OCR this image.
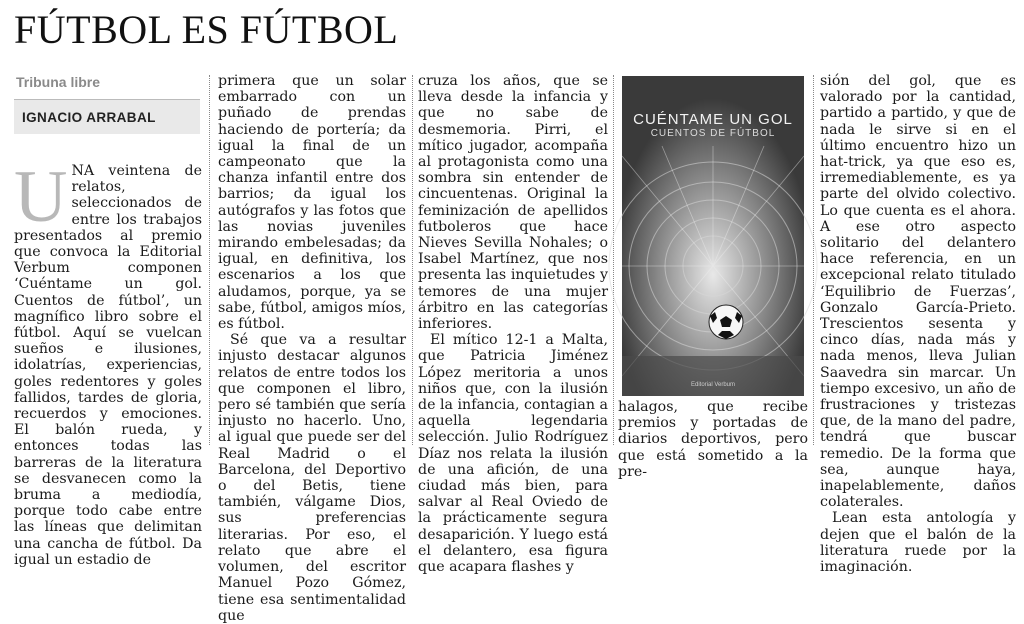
FÚTBOL ES FÚTBOL
Tribuna libre
IGNACIO ARRABAL
U NA veintena de relatos, seleccionados de entre los trabajos presentados al premio que convoca la Editorial Verbum componen ‘Cuéntame un gol. Cuentos de fútbol’, un magnífico libro sobre el fútbol. Aquí se vuelcan sueños e ilusiones, idolatrías, experiencias, goles redentores y goles fallidos, tardes de gloria, recuerdos y emociones. El balón rueda, y entonces todas las barreras de la literatura se desvanecen como la bruma a mediodía, porque todo cabe entre las líneas que delimitan una cancha de fútbol. Da igual un estadio de

primera que un solar embarrado con un puñado de prendas haciendo de portería; da igual la final de un campeonato que la chanza infantil entre dos barrios; da igual los autógrafos y las fotos que las novias juveniles mirando embelesadas; da igual, en definitiva, los escenarios a los que aludamos, porque, ya se sabe, fútbol, amigos míos, es fútbol.

Sé que va a resultar injusto destacar algunos relatos de entre todos los que componen el libro, pero sé también que sería injusto no hacerlo. Uno, al igual que puede ser del Real Madrid o el Barcelona, del Deportivo o del Betis, tiene también, válgame Dios, sus preferencias literarias. Por eso, el relato que abre el volumen, del escritor Manuel Pozo Gómez, tiene esa sentimentalidad que

cruza los años, que se lleva desde la infancia y que no sabe de desmemoria. Pirri, el mítico jugador, acompaña al protagonista como una sombra sin entender de cincuentenas. Original la feminización de apellidos futboleros que hace Nieves Sevilla Nohales; o Isabel Martínez, que nos presenta las inquietudes y temores de una mujer árbitro en las categorías inferiores.

El mítico 12-1 a Malta, que Patricia Jiménez López meritoria a unos niños que, con la ilusión de la infancia, contagian a aquella legendaria selección. Julio Rodríguez Díaz nos relata la ilusión de una afición, de una ciudad más bien, para salvar al Real Oviedo de la prácticamente segura desaparición. Y luego está el delantero, esa figura que acapara flashes y

CUÉNTAME UN GOL
CUENTOS DE FÚTBOL
Editorial Verbum

halagos, que recibe premios y portadas de diarios deportivos, pero que está sometido a la pre-

sión del gol, que es valorado por la cantidad, partido a partido, y que de nada le sirve si en el último encuentro hizo un hat-trick, ya que eso es, irremediablemente, es ya parte del olvido colectivo. Lo que cuenta es el ahora. A ese otro aspecto solitario del delantero hace referencia, en un excepcional relato titulado ‘Equilibrio de Fuerzas’, Gonzalo García-Prieto. Trescientos sesenta y cinco días, nada más y nada menos, lleva Julian Saavedra sin marcar. Un tiempo excesivo, un año de frustraciones y tristezas que, de la mano del padre, tendrá que buscar remedio. De la forma que sea, aunque haya, inapelablemente, daños colaterales.

Lean esta antología y dejen que el balón de la literatura ruede por la imaginación.
